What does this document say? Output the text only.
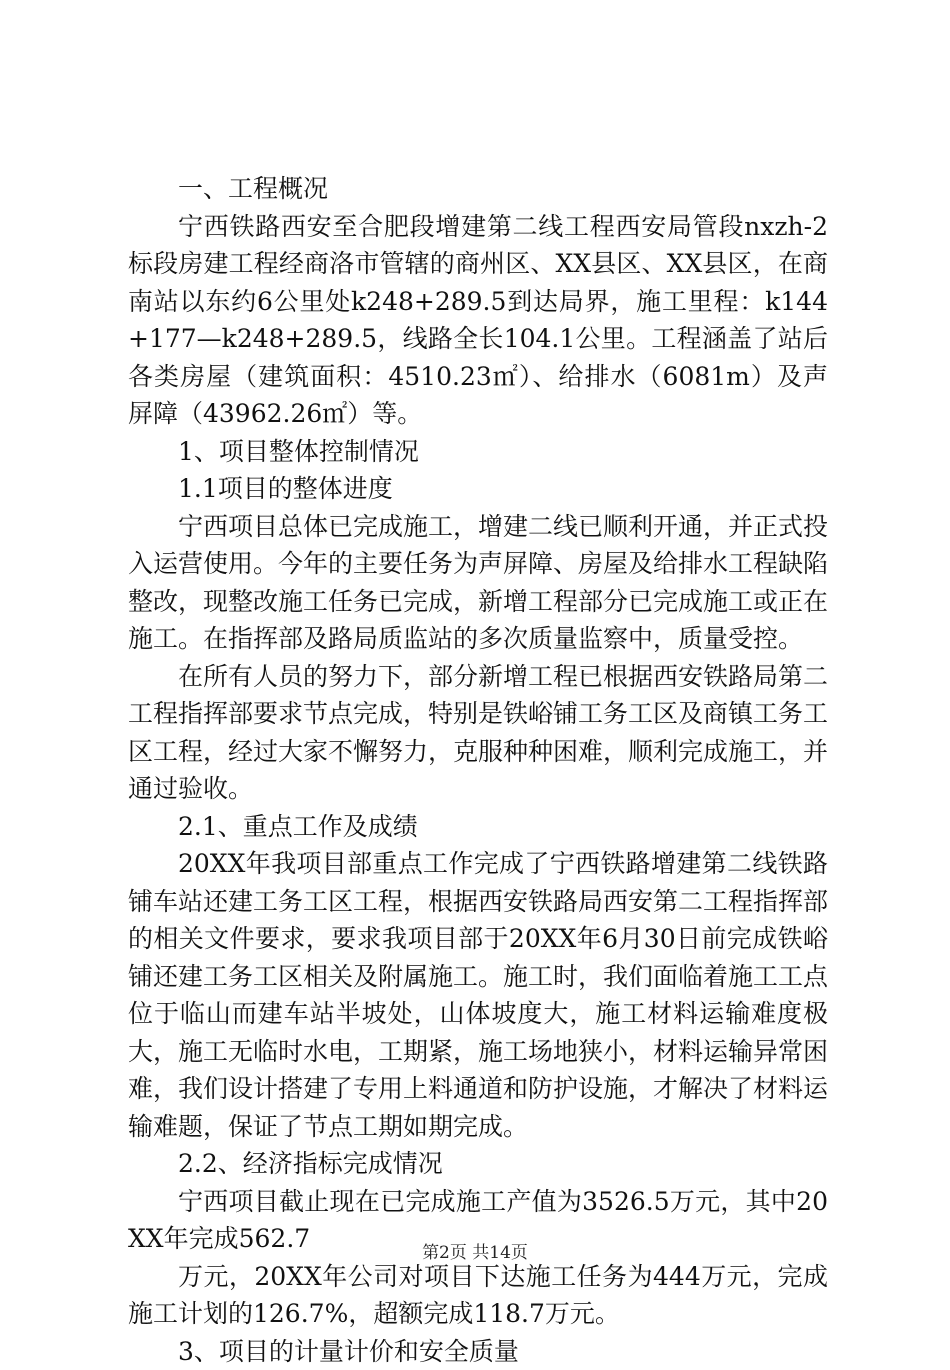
一、工程概况

宁西铁路西安至合肥段增建第二线工程西安局管段nxzh-2标段房建工程经商洛市管辖的商州区、XX县区、XX县区，在商南站以东约6公里处k248+289.5到达局界，施工里程：k144+177—k248+289.5，线路全长104.1公里。工程涵盖了站后各类房屋（建筑面积：4510.23㎡）、给排水（6081m）及声屏障（43962.26㎡）等。

1、项目整体控制情况

1.1项目的整体进度

宁西项目总体已完成施工，增建二线已顺利开通，并正式投入运营使用。今年的主要任务为声屏障、房屋及给排水工程缺陷整改，现整改施工任务已完成，新增工程部分已完成施工或正在施工。在指挥部及路局质监站的多次质量监察中，质量受控。

在所有人员的努力下，部分新增工程已根据西安铁路局第二工程指挥部要求节点完成，特别是铁峪铺工务工区及商镇工务工区工程，经过大家不懈努力，克服种种困难，顺利完成施工，并通过验收。

2.1、重点工作及成绩

20XX年我项目部重点工作完成了宁西铁路增建第二线铁路铺车站还建工务工区工程，根据西安铁路局西安第二工程指挥部的相关文件要求，要求我项目部于20XX年6月30日前完成铁峪铺还建工务工区相关及附属施工。施工时，我们面临着施工工点位于临山而建车站半坡处，山体坡度大，施工材料运输难度极大，施工无临时水电，工期紧，施工场地狭小，材料运输异常困难，我们设计搭建了专用上料通道和防护设施，才解决了材料运输难题，保证了节点工期如期完成。

2.2、经济指标完成情况

宁西项目截止现在已完成施工产值为3526.5万元，其中20XX年完成562.7

万元，20XX年公司对项目下达施工任务为444万元，完成施工计划的126.7%，超额完成118.7万元。

3、项目的计量计价和安全质量

第2页 共14页
